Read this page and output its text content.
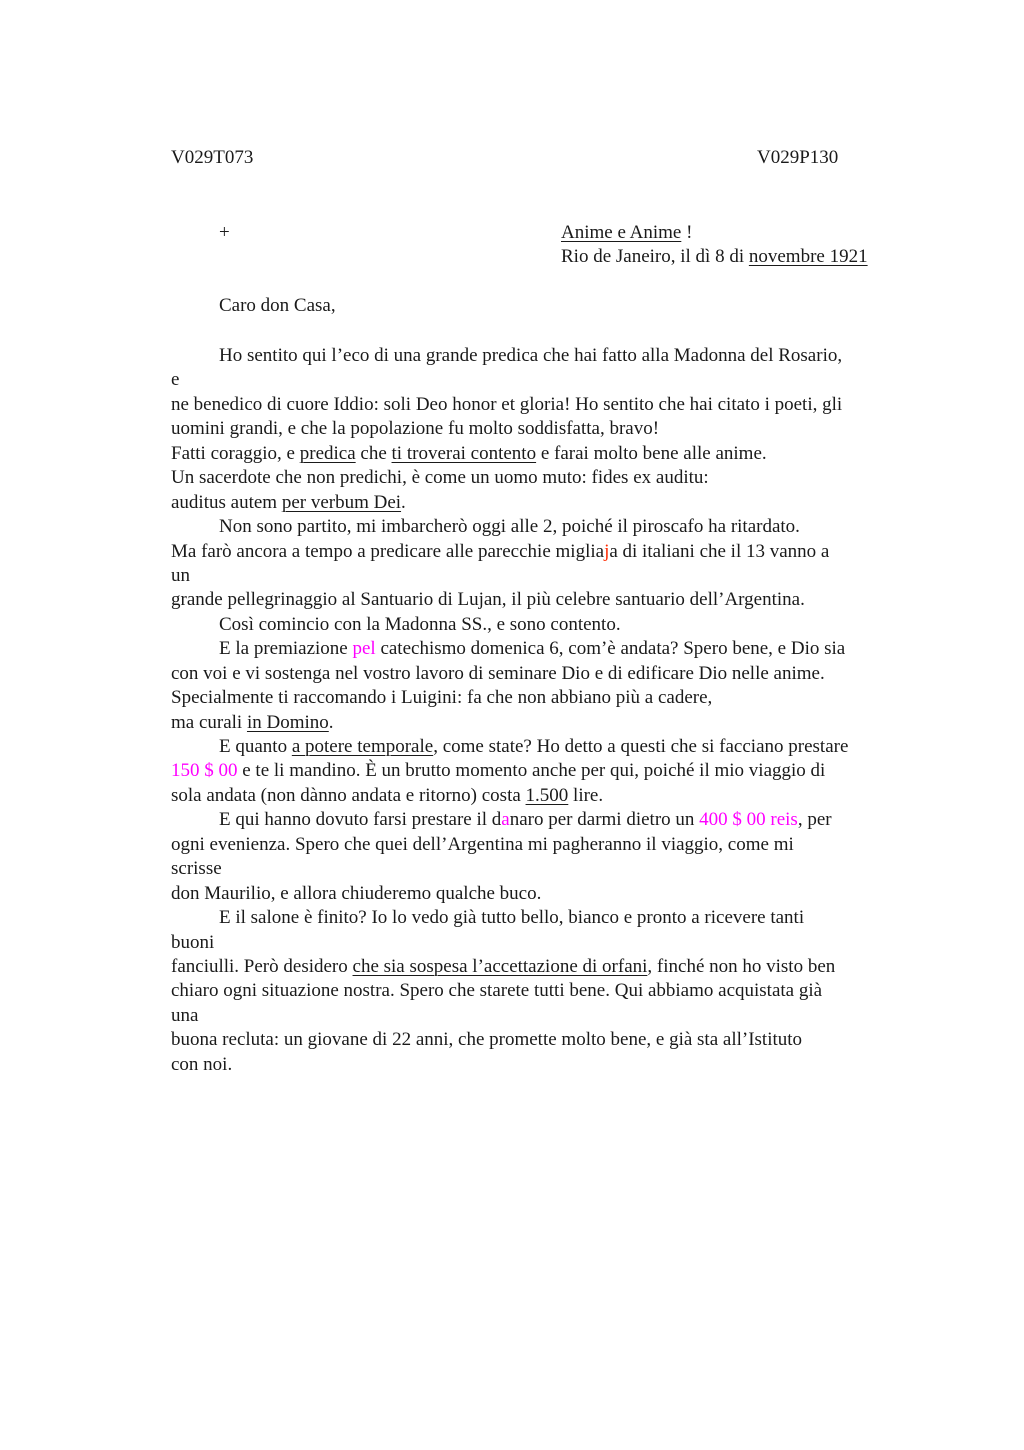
V029T073	V029P130
+	Anime e Anime !
Rio de Janeiro, il dì 8 di novembre 1921
Caro don Casa,
Ho sentito qui l’eco di una grande predica che hai fatto alla Madonna del Rosario,
e
ne benedico di cuore Iddio: soli Deo honor et gloria! Ho sentito che hai citato i poeti, gli
uomini grandi, e che la popolazione fu molto soddisfatta, bravo!
Fatti coraggio, e predica che ti troverai contento e farai molto bene alle anime.
Un sacerdote che non predichi, è come un uomo muto: fides ex auditu:
auditus autem per verbum Dei.
Non sono partito, mi imbarcherò oggi alle 2, poiché il piroscafo ha ritardato.
Ma farò ancora a tempo a predicare alle parecchie migliaja di italiani che il 13 vanno a
un
grande pellegrinaggio al Santuario di Lujan, il più celebre santuario dell’Argentina.
Così comincio con la Madonna SS., e sono contento.
E la premiazione pel catechismo domenica 6, com’è andata? Spero bene, e Dio sia
con voi e vi sostenga nel vostro lavoro di seminare Dio e di edificare Dio nelle anime.
Specialmente ti raccomando i Luigini: fa che non abbiano più a cadere,
ma curali in Domino.
E quanto a potere temporale, come state? Ho detto a questi che si facciano prestare
150 $ 00 e te li mandino. È un brutto momento anche per qui, poiché il mio viaggio di
sola andata (non dànno andata e ritorno) costa 1.500 lire.
E qui hanno dovuto farsi prestare il danaro per darmi dietro un 400 $ 00 reis, per
ogni evenienza. Spero che quei dell’Argentina mi pagheranno il viaggio, come mi
scrisse
don Maurilio, e allora chiuderemo qualche buco.
E il salone è finito? Io lo vedo già tutto bello, bianco e pronto a ricevere tanti
buoni
fanciulli. Però desidero che sia sospesa l’accettazione di orfani, finché non ho visto ben
chiaro ogni situazione nostra. Spero che starete tutti bene. Qui abbiamo acquistata già
una
buona recluta: un giovane di 22 anni, che promette molto bene, e già sta all’Istituto
con noi.
